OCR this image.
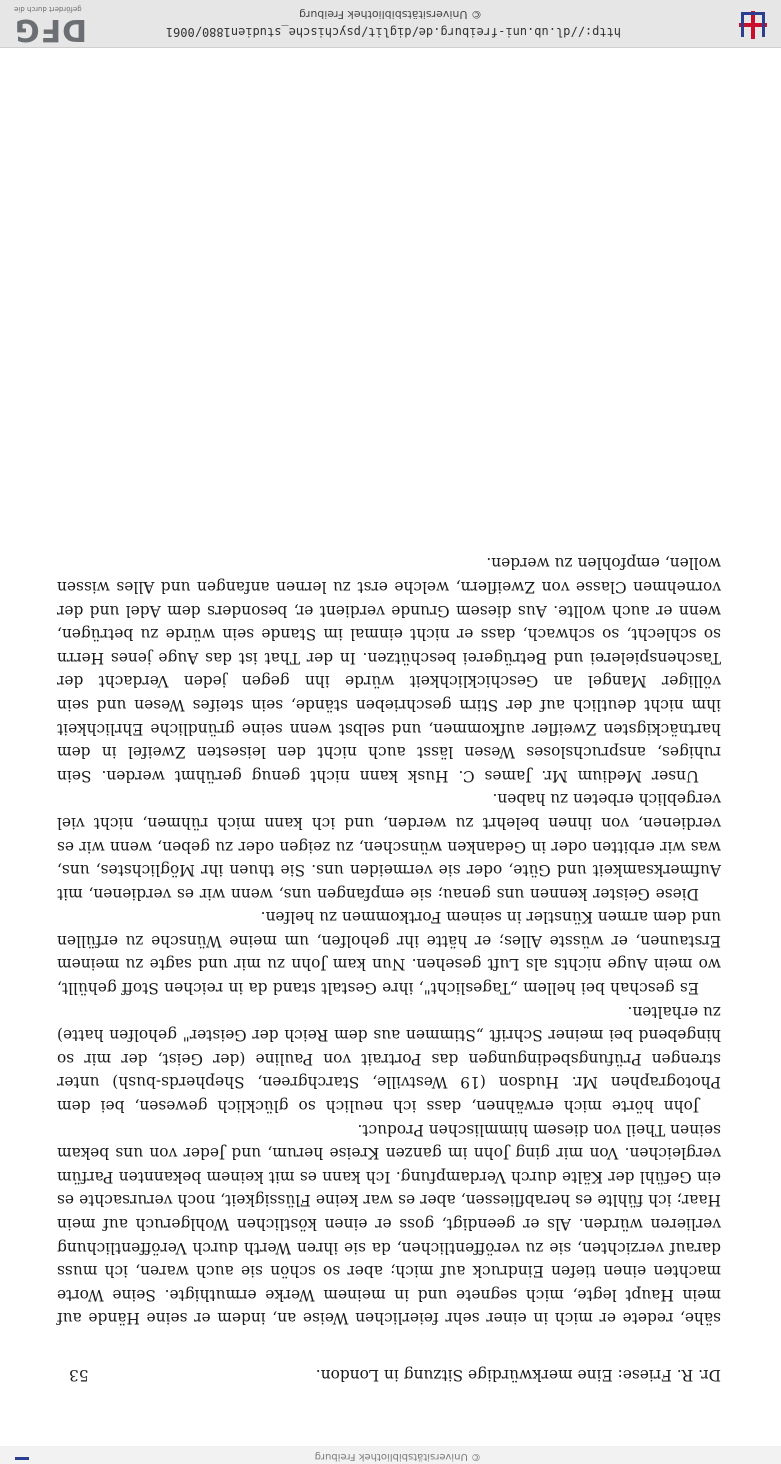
© Universitätsbibliothek Freiburg
Dr. R. Friese: Eine merkwürdige Sitzung in London.
53

sähe, redete er mich in einer sehr feierlichen Weise an, indem er seine Hände auf mein Haupt legte, mich segnete und in meinem Werke ermuthigte. Seine Worte machten einen tiefen Eindruck auf mich; aber so schön sie auch waren, ich muss darauf verzichten, sie zu veröffentlichen, da sie ihren Werth durch Veröffentlichung verlieren würden. Als er geendigt, goss er einen köstlichen Wohlgeruch auf mein Haar; ich fühlte es herabfliessen, aber es war keine Flüssigkeit, noch verursachte es ein Gefühl der Kälte durch Verdampfung. Ich kann es mit keinem bekannten Parfüm vergleichen. Von mir ging John im ganzen Kreise herum, und Jeder von uns bekam seinen Theil von diesem himmlischen Product.

John hörte mich erwähnen, dass ich neulich so glücklich gewesen, bei dem Photographen Mr. Hudson (19 Westville, Starchgreen, Shepherds-bush) unter strengen Prüfungsbedingungen das Portrait von Pauline (der Geist, der mir so hingebend bei meiner Schrift „Stimmen aus dem Reich der Geister" geholfen hatte) zu erhalten.

Es geschah bei hellem „Tageslicht", ihre Gestalt stand da in reichen Stoff gehüllt, wo mein Auge nichts als Luft gesehen. Nun kam John zu mir und sagte zu meinem Erstaunen, er wüsste Alles; er hätte ihr geholfen, um meine Wünsche zu erfüllen und dem armen Künstler in seinem Fortkommen zu helfen.

Diese Geister kennen uns genau; sie empfangen uns, wenn wir es verdienen, mit Aufmerksamkeit und Güte, oder sie vermeiden uns. Sie thuen ihr Möglichstes, uns, was wir erbitten oder in Gedanken wünschen, zu zeigen oder zu geben, wenn wir es verdienen, von ihnen belehrt zu werden, und ich kann mich rühmen, nicht viel vergeblich erbeten zu haben.

Unser Medium Mr. James C. Husk kann nicht genug gerühmt werden. Sein ruhiges, anspruchsloses Wesen lässt auch nicht den leisesten Zweifel in dem hartnäckigsten Zweifler aufkommen, und selbst wenn seine gründliche Ehrlichkeit ihm nicht deutlich auf der Stirn geschrieben stände, sein steifes Wesen und sein völliger Mangel an Geschicklichkeit würde ihn gegen jeden Verdacht der Taschenspielerei und Betrügerei beschützen. In der That ist das Auge jenes Herrn so schlecht, so schwach, dass er nicht einmal im Stande sein würde zu betrügen, wenn er auch wollte. Aus diesem Grunde verdient er, besonders dem Adel und der vornehmen Classe von Zweiflern, welche erst zu lernen anfangen und Alles wissen wollen, empfohlen zu werden.

http://dl.ub.uni-freiburg.de/diglit/psychische_studien1880/0061
© Universitätsbibliothek Freiburg
DFG
gefördert durch die
